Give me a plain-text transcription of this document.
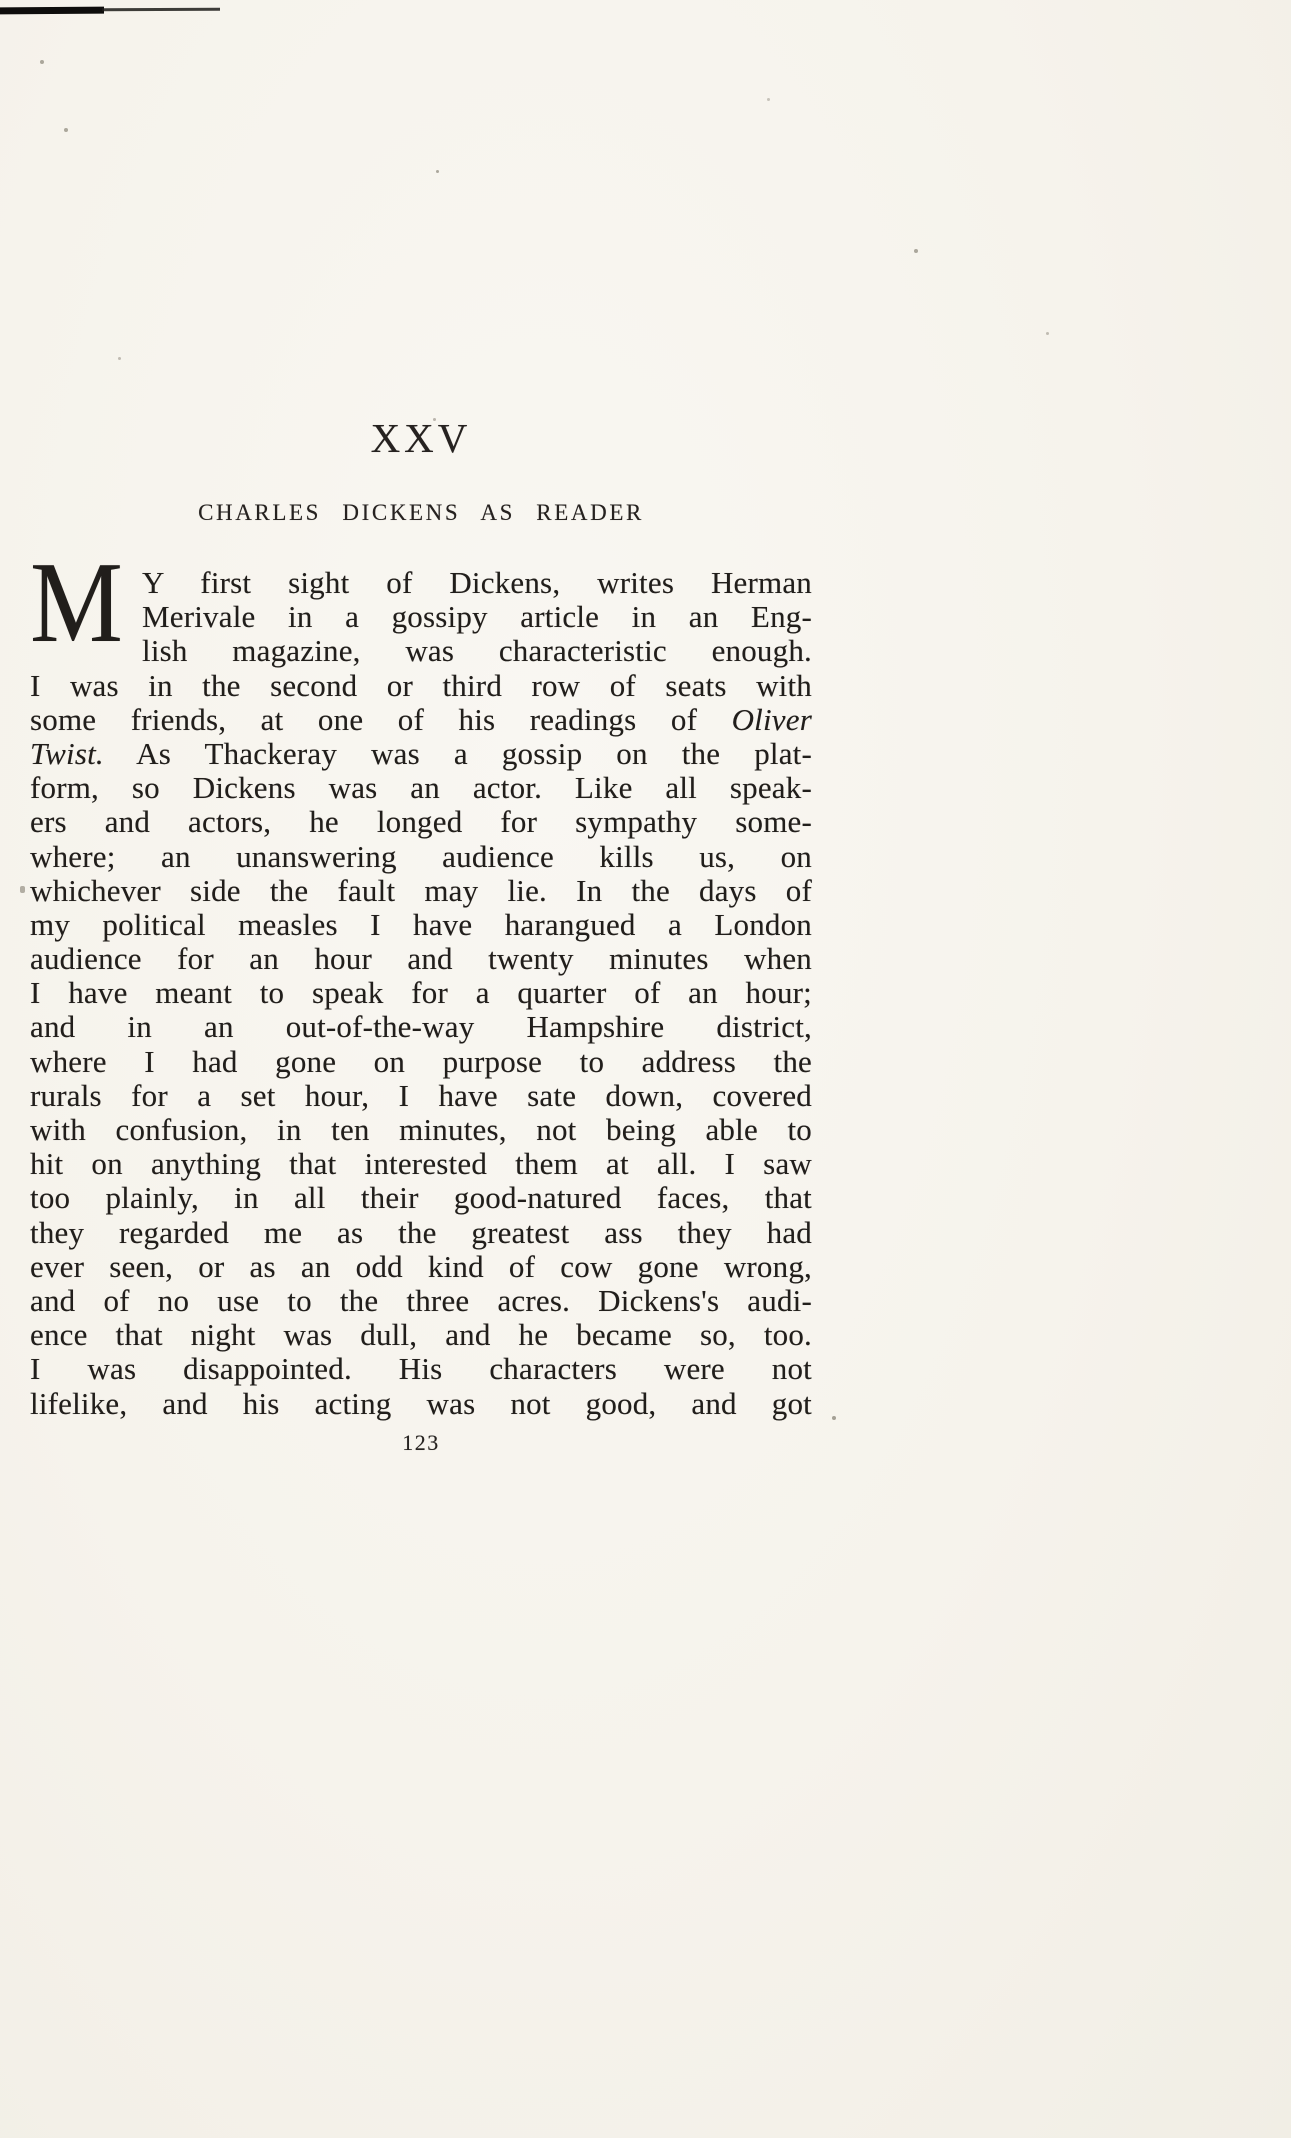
XXV
CHARLES DICKENS AS READER
M Y first sight of Dickens, writes Herman
Merivale in a gossipy article in an Eng-
lish magazine, was characteristic enough.
I was in the second or third row of seats with
some friends, at one of his readings of Oliver
Twist. As Thackeray was a gossip on the plat-
form, so Dickens was an actor. Like all speak-
ers and actors, he longed for sympathy some-
where; an unanswering audience kills us, on
whichever side the fault may lie. In the days of
my political measles I have harangued a London
audience for an hour and twenty minutes when
I have meant to speak for a quarter of an hour;
and in an out-of-the-way Hampshire district,
where I had gone on purpose to address the
rurals for a set hour, I have sate down, covered
with confusion, in ten minutes, not being able to
hit on anything that interested them at all. I saw
too plainly, in all their good-natured faces, that
they regarded me as the greatest ass they had
ever seen, or as an odd kind of cow gone wrong,
and of no use to the three acres. Dickens's audi-
ence that night was dull, and he became so, too.
I was disappointed. His characters were not
lifelike, and his acting was not good, and got
123
